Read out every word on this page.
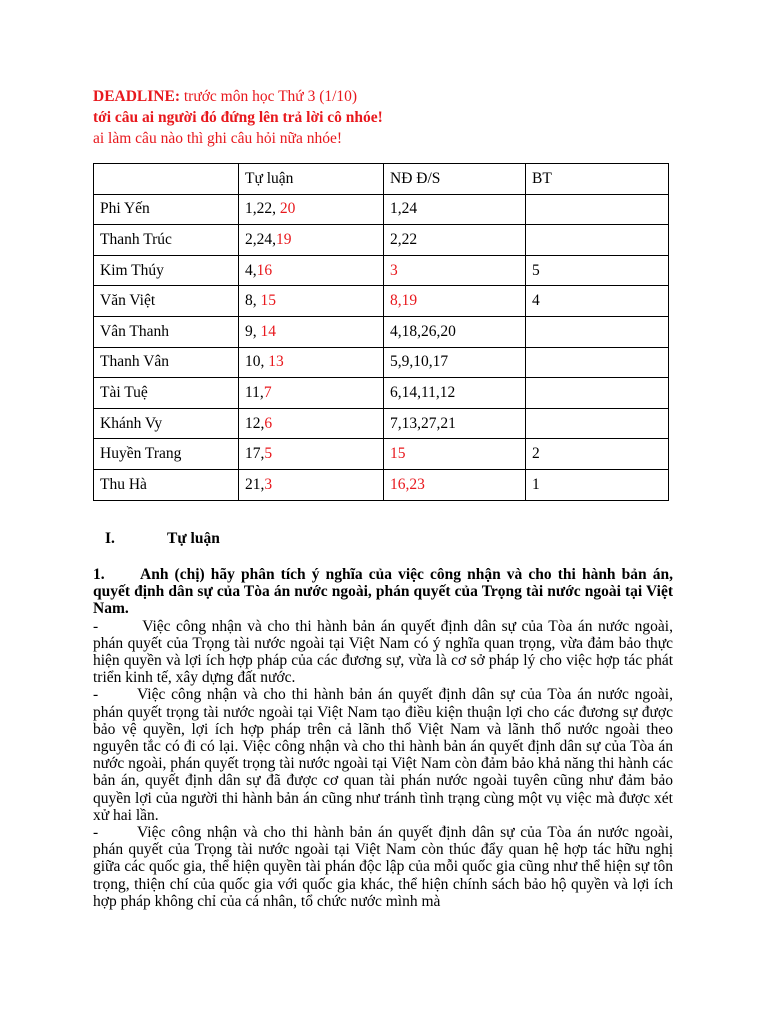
DEADLINE: trước môn học Thứ 3 (1/10)
tới câu ai người đó đứng lên trả lời cô nhóe!
ai làm câu nào thì ghi câu hỏi nữa nhóe!
	Tự luận	NĐ Đ/S	BT
Phi Yến	1,22, 20	1,24	
Thanh Trúc	2,24,19	2,22	
Kim Thúy	4,16	3	5
Văn Việt	8, 15	8,19	4
Vân Thanh	9, 14	4,18,26,20	
Thanh Vân	10, 13	5,9,10,17	
Tài Tuệ	11,7	6,14,11,12	
Khánh Vy	12,6	7,13,27,21	
Huyền Trang	17,5	15	2
Thu Hà	21,3	16,23	1
I.	Tự luận

1. Anh (chị) hãy phân tích ý nghĩa của việc công nhận và cho thi hành bản án, quyết định dân sự của Tòa án nước ngoài, phán quyết của Trọng tài nước ngoài tại Việt Nam.

-	Việc công nhận và cho thi hành bản án quyết định dân sự của Tòa án nước ngoài, phán quyết của Trọng tài nước ngoài tại Việt Nam có ý nghĩa quan trọng, vừa đảm bảo thực hiện quyền và lợi ích hợp pháp của các đương sự, vừa là cơ sở pháp lý cho việc hợp tác phát triển kinh tế, xây dựng đất nước.

-	Việc công nhận và cho thi hành bản án quyết định dân sự của Tòa án nước ngoài, phán quyết trọng tài nước ngoài tại Việt Nam tạo điều kiện thuận lợi cho các đương sự được bảo vệ quyền, lợi ích hợp pháp trên cả lãnh thổ Việt Nam và lãnh thổ nước ngoài theo nguyên tắc có đi có lại. Việc công nhận và cho thi hành bản án quyết định dân sự của Tòa án nước ngoài, phán quyết trọng tài nước ngoài tại Việt Nam còn đảm bảo khả năng thi hành các bản án, quyết định dân sự đã được cơ quan tài phán nước ngoài tuyên cũng như đảm bảo quyền lợi của người thi hành bản án cũng như tránh tình trạng cùng một vụ việc mà được xét xử hai lần.

-	Việc công nhận và cho thi hành bản án quyết định dân sự của Tòa án nước ngoài, phán quyết của Trọng tài nước ngoài tại Việt Nam còn thúc đẩy quan hệ hợp tác hữu nghị giữa các quốc gia, thể hiện quyền tài phán độc lập của mỗi quốc gia cũng như thể hiện sự tôn trọng, thiện chí của quốc gia với quốc gia khác, thể hiện chính sách bảo hộ quyền và lợi ích hợp pháp không chỉ của cá nhân, tổ chức nước mình mà
